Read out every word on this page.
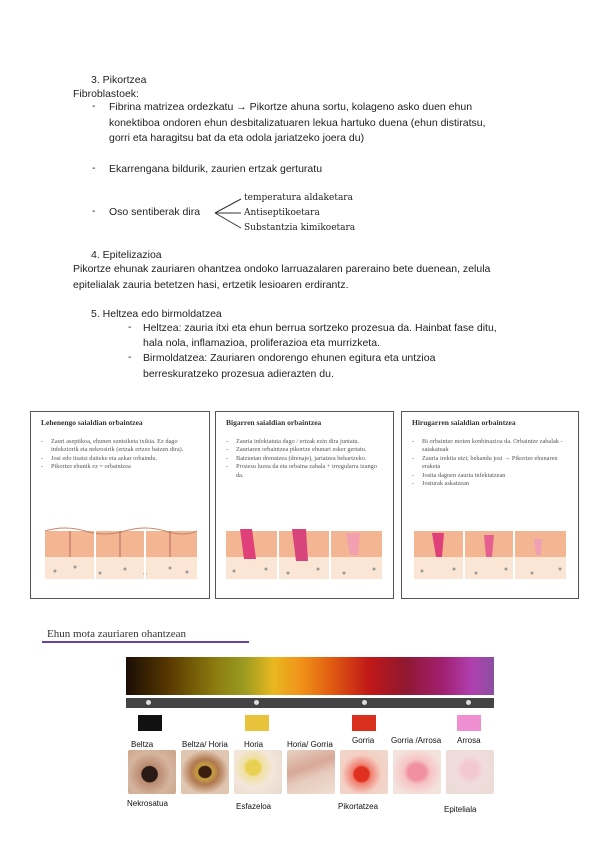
3. Pikortzea
Fibroblastoek:
- Fibrina matrizea ordezkatu → Pikortze ahuna sortu, kolageno asko duen ehun
konektiboa ondoren ehun desbitalizatuaren lekua hartuko duena (ehun distiratsu,
gorri eta haragitsu bat da eta odola jariatzeko joera du)
- Ekarrengana bildurik, zaurien ertzak gerturatu
- Oso sentiberak dira
temperatura aldaketara
Antiseptikoetara
Substantzia kimikoetara
4. Epitelizazioa
Pikortze ehunak zauriaren ohantzea ondoko larruazalaren pareraino bete duenean, zelula
epitelialak zauria betetzen hasi, ertzetik lesioaren erdirantz.
5. Heltzea edo birmoldatzea
- Heltzea: zauria itxi eta ehun berrua sortzeko prozesua da. Hainbat fase ditu,
hala nola, inflamazioa, proliferazioa eta murrizketa.
- Birmoldatzea: Zauriaren ondorengo ehunen egitura eta untzioa
berreskuratzeko prozesua adierazten du.
Lehenengo saialdian orbaintzea
- Zauri aseptikoa, ehunen suntsiketa txikia. Ez dago infekziorik eta nekrosirik (ertzak ertzez batzen dira).
- Josi edo itsatsi daiteke eta azkar orbaindu.
- Pikortze ehunik ez = orbaintzea
Bigarren saialdian orbaintzea
- Zauria infektatuta dago / ertzak ezin dira juntatu.
- Zauriaren orbaintzea pikortze ehunari esker gertatu.
- Batzuetan drenatzea (drenaje), jariatzea behartzeko.
- Prozesu luzea da eta orbaina zabala + irregularra izango da.
Hirugarren saialdian orbaintzea
- Bi orbaintze moten konbinazioa da. Orbaintze zabalak - saiakatuak
- Zauria irekita utzi; behandu josi → Pikortze ehunaren eraketa
- Josita dagoen zauria infektatzean
- Josturak askatzean
Ehun mota zauriaren ohantzean
Beltza	Beltza/ Horia Horia	Horia/ Gorria Gorria Gorria /Arrosa Arrosa
Nekrosatua	Esfazeloa	Pikortatzea	Epiteliala
